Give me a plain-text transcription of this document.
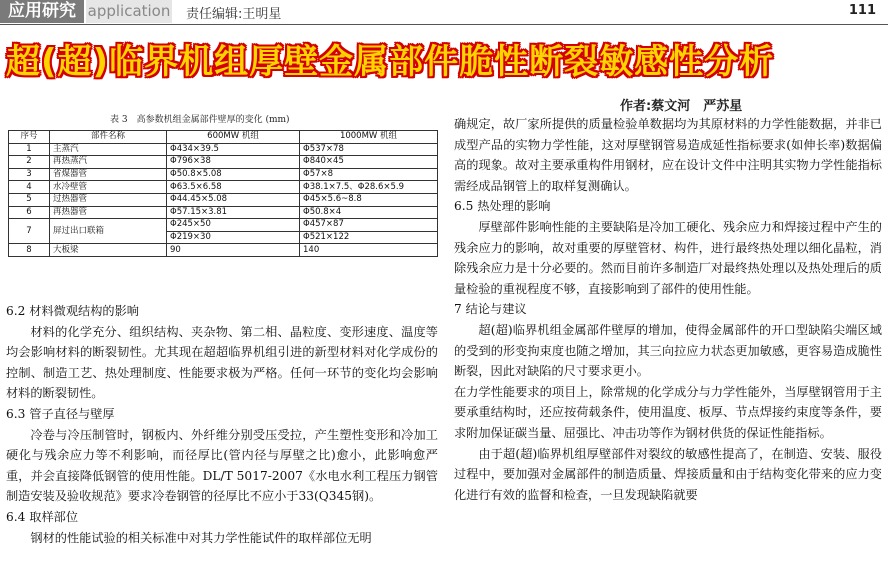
应用研究 application 责任编辑:王明星	111
超(超)临界机组厚壁金属部件脆性断裂敏感性分析
作者:蔡文河　严苏星
表 3　高参数机组金属部件壁厚的变化 (mm)
序号	部件名称	600MW 机组	1000MW 机组
1	主蒸汽	Φ434×39.5	Φ537×78
2	再热蒸汽	Φ796×38	Φ840×45
3	省煤器管	Φ50.8×5.08	Φ57×8
4	水冷壁管	Φ63.5×6.58	Φ38.1×7.5、Φ28.6×5.9
5	过热器管	Φ44.45×5.08	Φ45×5.6~8.8
6	再热器管	Φ57.15×3.81	Φ50.8×4
7	屏过出口联箱	Φ245×50	Φ457×87
		Φ219×30	Φ521×122
8	大板梁	90	140

6.2 材料微观结构的影响

材料的化学充分、组织结构、夹杂物、第二相、晶粒度、变形速度、温度等均会影响材料的断裂韧性。尤其现在超超临界机组引进的新型材料对化学成份的控制、制造工艺、热处理制度、性能要求极为严格。任何一环节的变化均会影响材料的断裂韧性。

6.3 管子直径与壁厚

冷卷与冷压制管时，钢板内、外纤维分别受压受拉，产生塑性变形和冷加工硬化与残余应力等不利影响，而径厚比(管内径与厚壁之比)愈小，此影响愈严重，并会直接降低钢管的使用性能。DL/T 5017-2007《水电水利工程压力钢管制造安装及验收规范》要求冷卷钢管的径厚比不应小于33(Q345钢)。

6.4 取样部位

钢材的性能试验的相关标准中对其力学性能试件的取样部位无明

确规定，故厂家所提供的质量检验单数据均为其原材料的力学性能数据，并非已成型产品的实物力学性能，这对厚壁钢管易造成延性指标要求(如伸长率)数据偏高的现象。故对主要承重构件用钢材，应在设计文件中注明其实物力学性能指标需经成品钢管上的取样复测确认。

6.5 热处理的影响

厚壁部件影响性能的主要缺陷是冷加工硬化、残余应力和焊接过程中产生的残余应力的影响，故对重要的厚壁管材、构件，进行最终热处理以细化晶粒，消除残余应力是十分必要的。然而目前许多制造厂对最终热处理以及热处理后的质量检验的重视程度不够，直接影响到了部件的使用性能。

7 结论与建议

超(超)临界机组金属部件壁厚的增加，使得金属部件的开口型缺陷尖端区域的受到的形变拘束度也随之增加，其三向拉应力状态更加敏感，更容易造成脆性断裂，因此对缺陷的尺寸要求更小。

在力学性能要求的项目上，除常规的化学成分与力学性能外，当厚壁钢管用于主要承重结构时，还应按荷载条件，使用温度、板厚、节点焊接约束度等条件，要求附加保证碳当量、屈强比、冲击功等作为钢材供货的保证性能指标。

由于超(超)临界机组厚壁部件对裂纹的敏感性提高了，在制造、安装、服役过程中，要加强对金属部件的制造质量、焊接质量和由于结构变化带来的应力变化进行有效的监督和检查，一旦发现缺陷就要
